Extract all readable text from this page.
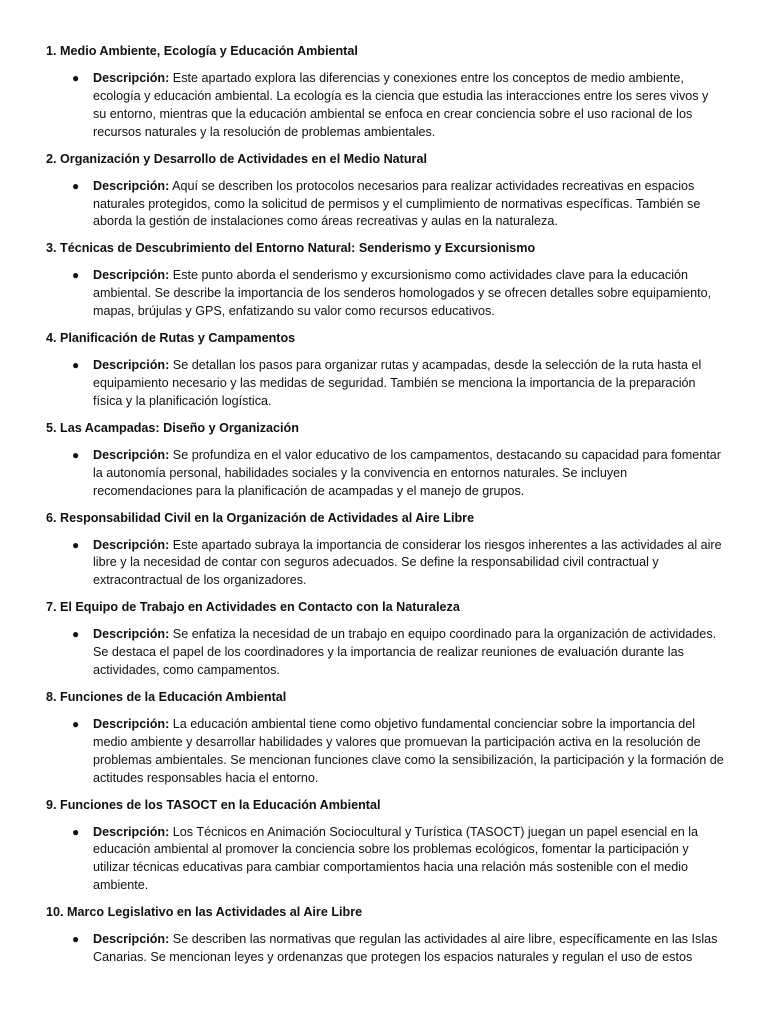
1. Medio Ambiente, Ecología y Educación Ambiental

● Descripción: Este apartado explora las diferencias y conexiones entre los conceptos de medio ambiente, ecología y educación ambiental. La ecología es la ciencia que estudia las interacciones entre los seres vivos y su entorno, mientras que la educación ambiental se enfoca en crear conciencia sobre el uso racional de los recursos naturales y la resolución de problemas ambientales.

2. Organización y Desarrollo de Actividades en el Medio Natural

● Descripción: Aquí se describen los protocolos necesarios para realizar actividades recreativas en espacios naturales protegidos, como la solicitud de permisos y el cumplimiento de normativas específicas. También se aborda la gestión de instalaciones como áreas recreativas y aulas en la naturaleza.

3. Técnicas de Descubrimiento del Entorno Natural: Senderismo y Excursionismo

● Descripción: Este punto aborda el senderismo y excursionismo como actividades clave para la educación ambiental. Se describe la importancia de los senderos homologados y se ofrecen detalles sobre equipamiento, mapas, brújulas y GPS, enfatizando su valor como recursos educativos.

4. Planificación de Rutas y Campamentos

● Descripción: Se detallan los pasos para organizar rutas y acampadas, desde la selección de la ruta hasta el equipamiento necesario y las medidas de seguridad. También se menciona la importancia de la preparación física y la planificación logística.

5. Las Acampadas: Diseño y Organización

● Descripción: Se profundiza en el valor educativo de los campamentos, destacando su capacidad para fomentar la autonomía personal, habilidades sociales y la convivencia en entornos naturales. Se incluyen recomendaciones para la planificación de acampadas y el manejo de grupos.

6. Responsabilidad Civil en la Organización de Actividades al Aire Libre

● Descripción: Este apartado subraya la importancia de considerar los riesgos inherentes a las actividades al aire libre y la necesidad de contar con seguros adecuados. Se define la responsabilidad civil contractual y extracontractual de los organizadores.

7. El Equipo de Trabajo en Actividades en Contacto con la Naturaleza

● Descripción: Se enfatiza la necesidad de un trabajo en equipo coordinado para la organización de actividades. Se destaca el papel de los coordinadores y la importancia de realizar reuniones de evaluación durante las actividades, como campamentos.

8. Funciones de la Educación Ambiental

● Descripción: La educación ambiental tiene como objetivo fundamental concienciar sobre la importancia del medio ambiente y desarrollar habilidades y valores que promuevan la participación activa en la resolución de problemas ambientales. Se mencionan funciones clave como la sensibilización, la participación y la formación de actitudes responsables hacia el entorno.

9. Funciones de los TASOCT en la Educación Ambiental

● Descripción: Los Técnicos en Animación Sociocultural y Turística (TASOCT) juegan un papel esencial en la educación ambiental al promover la conciencia sobre los problemas ecológicos, fomentar la participación y utilizar técnicas educativas para cambiar comportamientos hacia una relación más sostenible con el medio ambiente.

10. Marco Legislativo en las Actividades al Aire Libre

● Descripción: Se describen las normativas que regulan las actividades al aire libre, específicamente en las Islas Canarias. Se mencionan leyes y ordenanzas que protegen los espacios naturales y regulan el uso de estos
